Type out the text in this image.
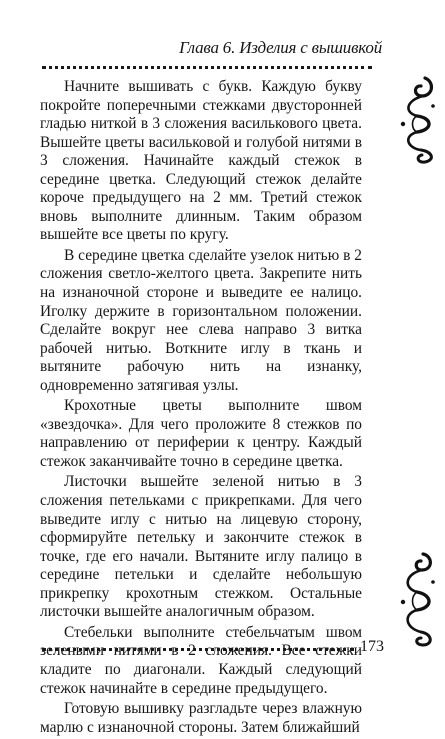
Глава 6. Изделия с вышивкой

Начните вышивать с букв. Каждую букву покройте поперечными стежками двусторонней гладью ниткой в 3 сложения василькового цвета. Вышейте цветы васильковой и голубой нитями в 3 сложения. Начинайте каждый стежок в середине цветка. Следующий стежок делайте короче предыдущего на 2 мм. Третий стежок вновь выполните длинным. Таким образом вышейте все цветы по кругу.

В середине цветка сделайте узелок нитью в 2 сложения светло-желтого цвета. Закрепите нить на изнаночной стороне и выведите ее налицо. Иголку держите в горизонтальном положении. Сделайте вокруг нее слева направо 3 витка рабочей нитью. Воткните иглу в ткань и вытяните рабочую нить на изнанку, одновременно затягивая узлы.

Крохотные цветы выполните швом «звездочка». Для чего проложите 8 стежков по направлению от периферии к центру. Каждый стежок заканчивайте точно в середине цветка.

Листочки вышейте зеленой нитью в 3 сложения петельками с прикрепками. Для чего выведите иглу с нитью на лицевую сторону, сформируйте петельку и закончите стежок в точке, где его начали. Вытяните иглу палицо в середине петельки и сделайте небольшую прикрепку крохотным стежком. Остальные листочки вышейте аналогичным образом.

Стебельки выполните стебельчатым швом зелеными нитями в 2 сложения. Все стежки кладите по диагонали. Каждый следующий стежок начинайте в середине предыдущего.

Готовую вышивку разгладьте через влажную марлю с изнаночной стороны. Затем ближайший

173
